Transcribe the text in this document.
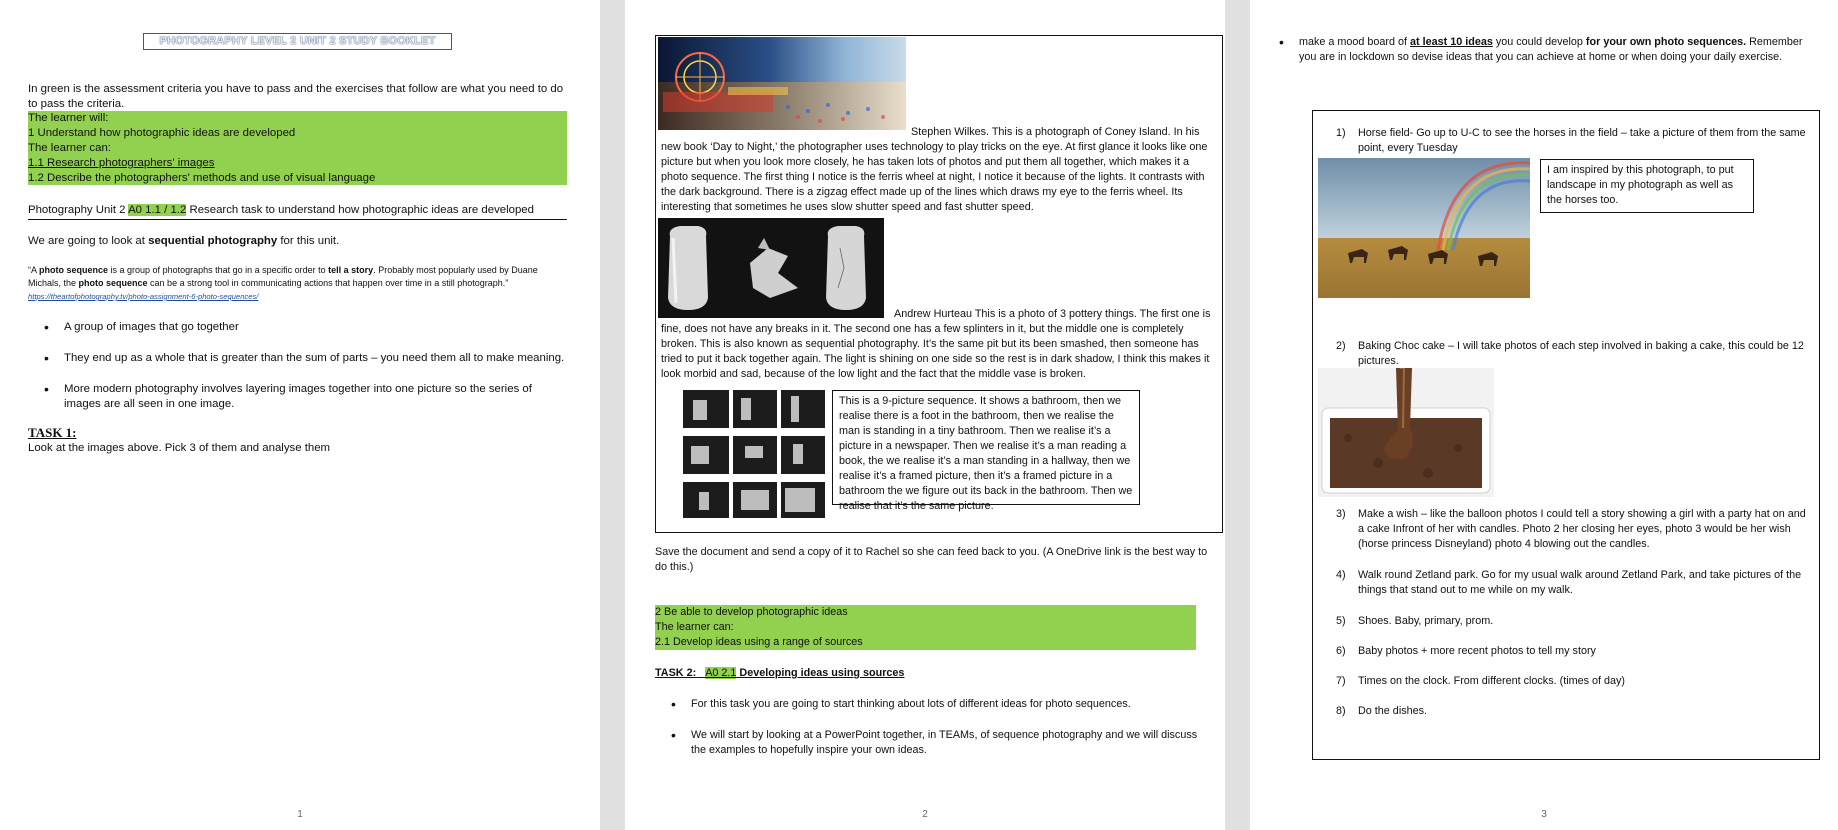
PHOTOGRAPHY LEVEL 2 UNIT 2 STUDY BOOKLET
In green is the assessment criteria you have to pass and the exercises that follow are what you need to do to pass the criteria.
The learner will:
1 Understand how photographic ideas are developed
The learner can:
1.1 Research photographers' images
1.2 Describe the photographers' methods and use of visual language
Photography Unit 2 A0 1.1 / 1.2 Research task to understand how photographic ideas are developed
We are going to look at sequential photography for this unit.
“A photo sequence is a group of photographs that go in a specific order to tell a story. Probably most popularly used by Duane Michals, the photo sequence can be a strong tool in communicating actions that happen over time in a still photograph.” https://theartofphotography.tv/photo-assignment-6-photo-sequences/
• A group of images that go together
• They end up as a whole that is greater than the sum of parts – you need them all to make meaning.
• More modern photography involves layering images together into one picture so the series of images are all seen in one image.
TASK 1:
Look at the images above. Pick 3 of them and analyse them
1
Stephen Wilkes. This is a photograph of Coney Island. In his new book ‘Day to Night,’ the photographer uses technology to play tricks on the eye. At first glance it looks like one picture but when you look more closely, he has taken lots of photos and put them all together, which makes it a photo sequence. The first thing I notice is the ferris wheel at night, I notice it because of the lights. It contrasts with the dark background. There is a zigzag effect made up of the lines which draws my eye to the ferris wheel. Its interesting that sometimes he uses slow shutter speed and fast shutter speed.
Andrew Hurteau This is a photo of 3 pottery things. The first one is fine, does not have any breaks in it. The second one has a few splinters in it, but the middle one is completely broken. This is also known as sequential photography. It’s the same pit but its been smashed, then someone has tried to put it back together again. The light is shining on one side so the rest is in dark shadow, I think this makes it look morbid and sad, because of the low light and the fact that the middle vase is broken.
This is a 9-picture sequence. It shows a bathroom, then we realise there is a foot in the bathroom, then we realise the man is standing in a tiny bathroom. Then we realise it’s a picture in a newspaper. Then we realise it’s a man reading a book, the we realise it’s a man standing in a hallway, then we realise it’s a framed picture, then it’s a framed picture in a bathroom the we figure out its back in the bathroom. Then we realise that it’s the same picture.
Save the document and send a copy of it to Rachel so she can feed back to you. (A OneDrive link is the best way to do this.)
2 Be able to develop photographic ideas
The learner can:
2.1 Develop ideas using a range of sources
TASK 2: A0 2.1 Developing ideas using sources
• For this task you are going to start thinking about lots of different ideas for photo sequences.
• We will start by looking at a PowerPoint together, in TEAMs, of sequence photography and we will discuss the examples to hopefully inspire your own ideas.
2
• make a mood board of at least 10 ideas you could develop for your own photo sequences. Remember you are in lockdown so devise ideas that you can achieve at home or when doing your daily exercise.
1) Horse field- Go up to U-C to see the horses in the field – take a picture of them from the same point, every Tuesday
I am inspired by this photograph, to put landscape in my photograph as well as the horses too.
2) Baking Choc cake – I will take photos of each step involved in baking a cake, this could be 12 pictures.
3) Make a wish – like the balloon photos I could tell a story showing a girl with a party hat on and a cake Infront of her with candles. Photo 2 her closing her eyes, photo 3 would be her wish (horse princess Disneyland) photo 4 blowing out the candles.
4) Walk round Zetland park. Go for my usual walk around Zetland Park, and take pictures of the things that stand out to me while on my walk.
5) Shoes. Baby, primary, prom.
6) Baby photos + more recent photos to tell my story
7) Times on the clock. From different clocks. (times of day)
8) Do the dishes.
3
